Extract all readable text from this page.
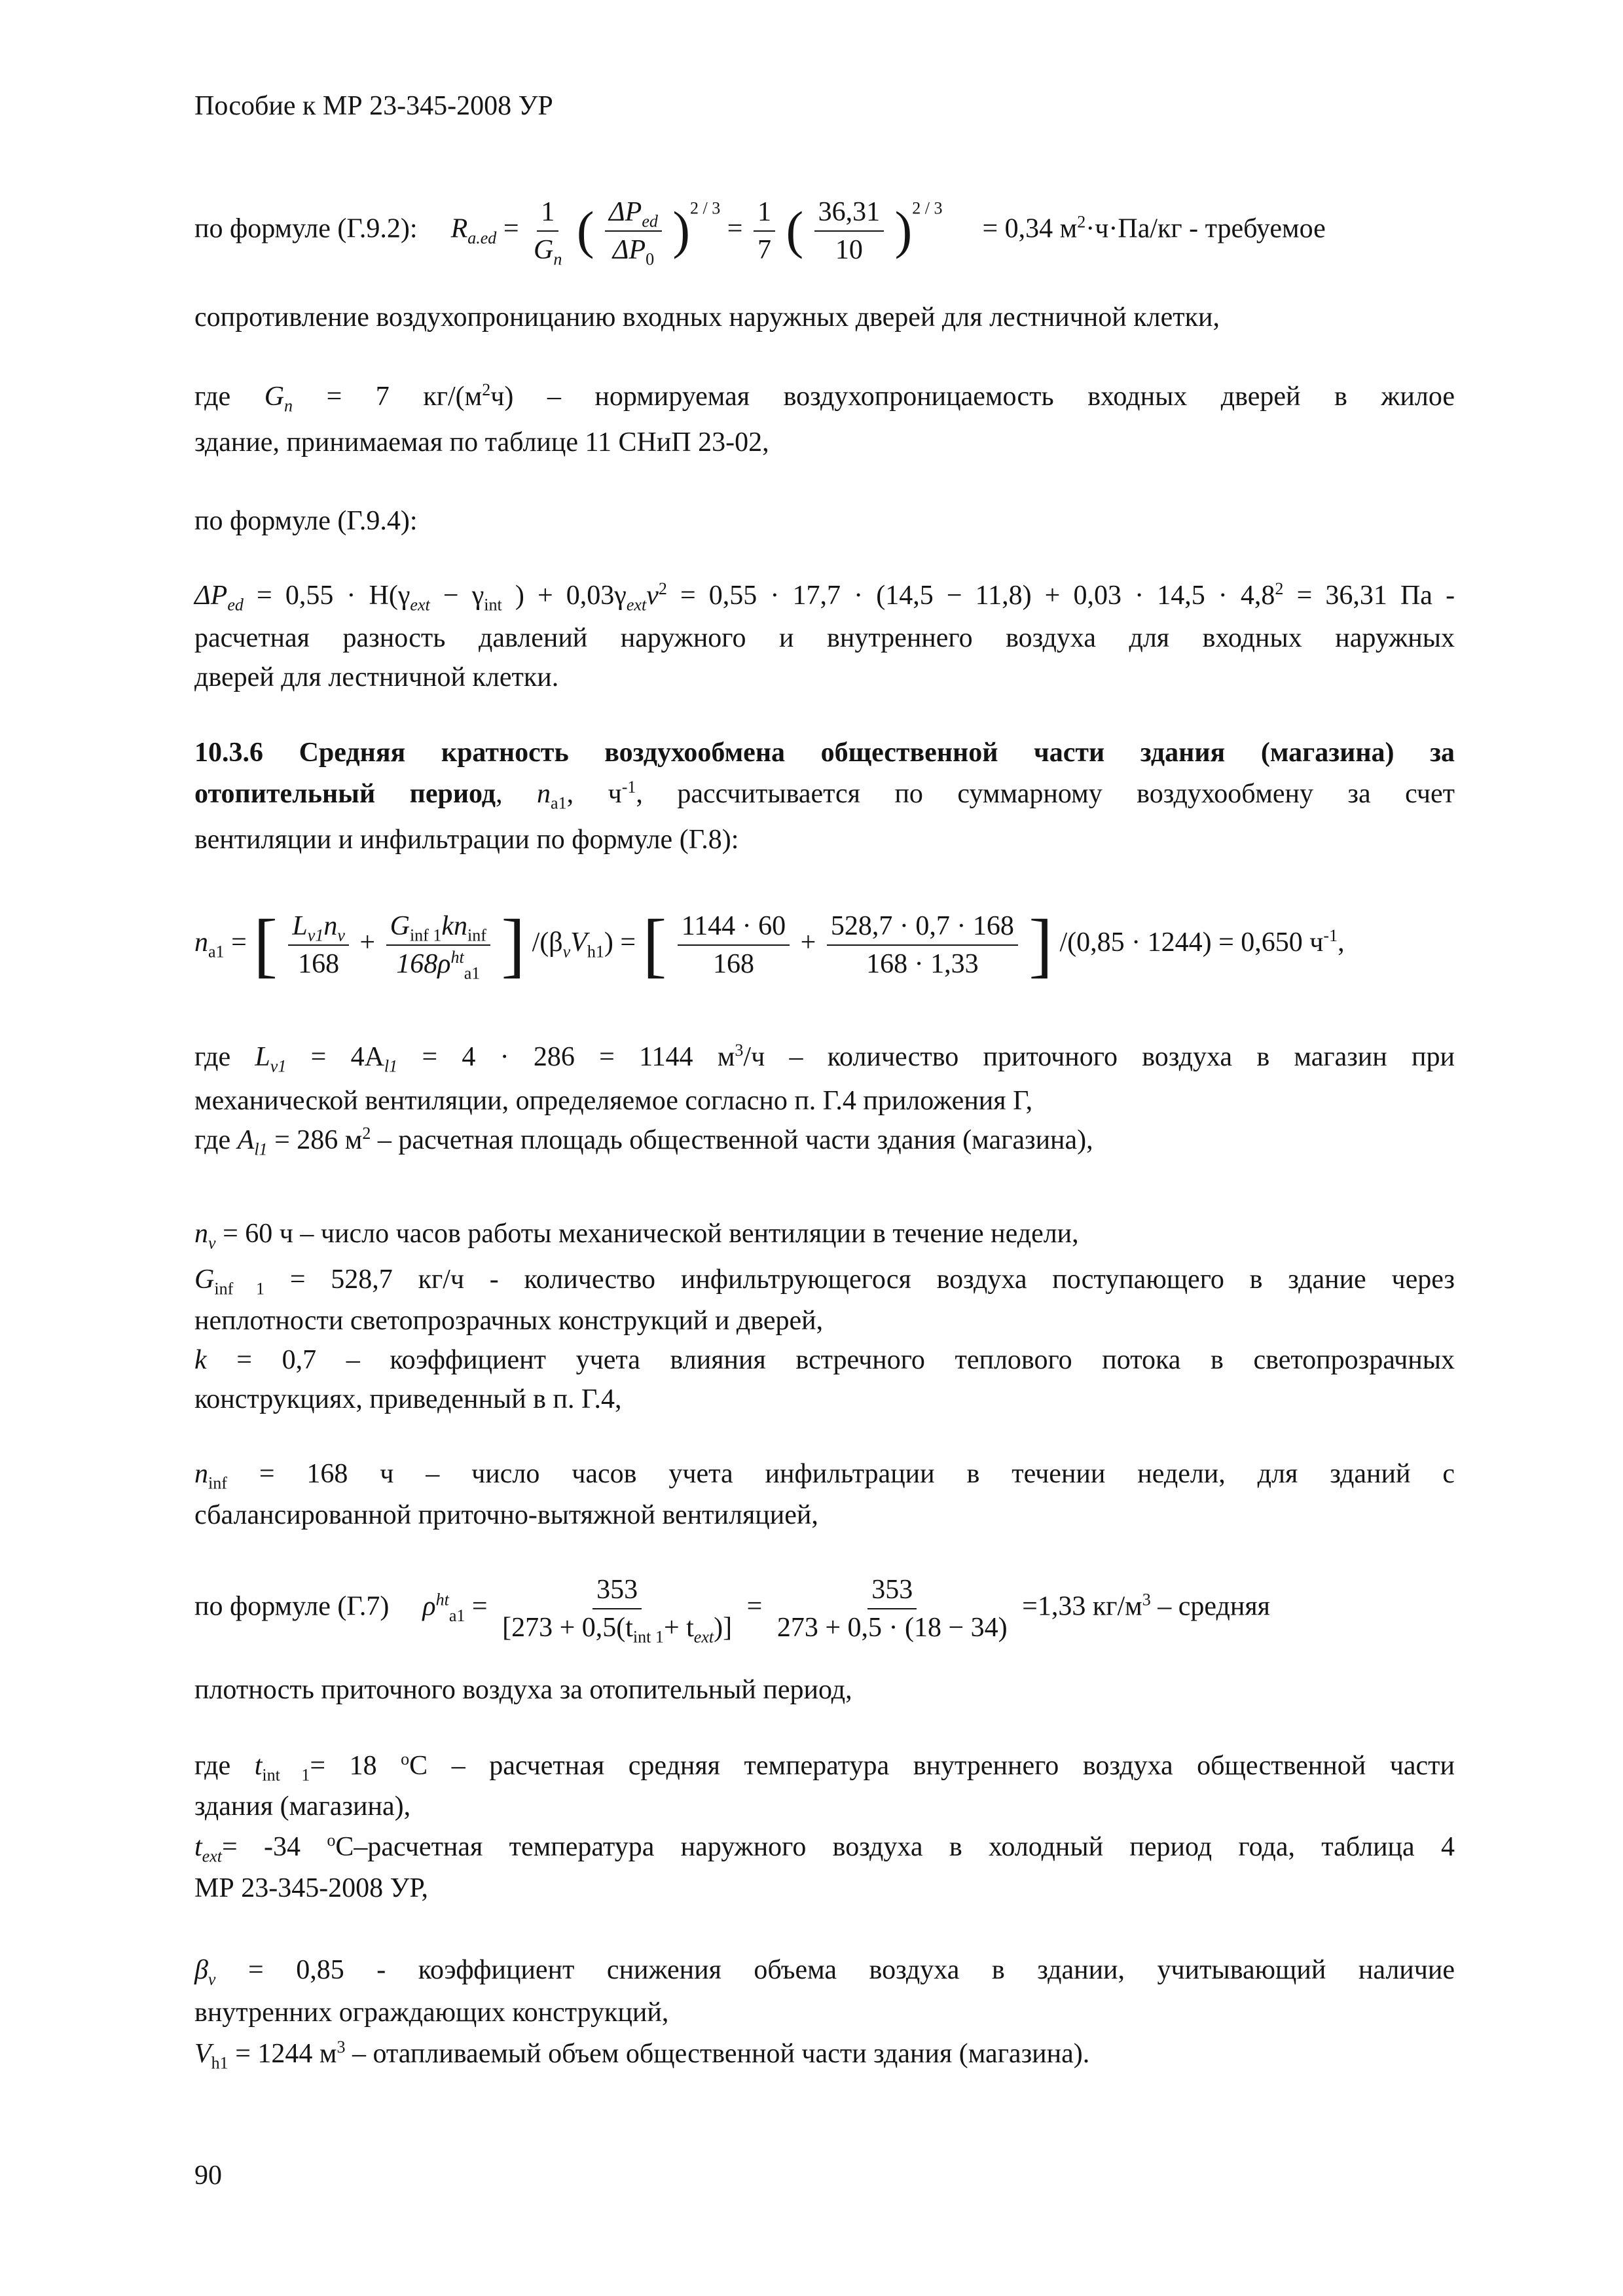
Пособие к МР 23-345-2008 УР
по формуле (Г.9.2): $R_{a.ed} = \frac{1}{G_n}$ ( $\frac{\Delta P_{ed}}{\Delta P_0} )^{2 / 3} = \frac{1}{7}$ ( $\frac{36,31}{10} )^{2 / 3} = 0,34$ $м^2\cdot ч\cdot Па/кг$ - требуемое
сопротивление воздухопроницанию входных наружных дверей для лестничной клетки,
где $G_n = 7$ $кг/(м^2ч)$ – нормируемая воздухопроницаемость входных дверей в жилое
здание, принимаемая по таблице 11 СНиП 23-02,
по формуле (Г.9.4):
$\Delta P_{ed} = 0,55 \cdot H(\gamma_{ext} - \gamma_{int}$ ) + $0,03\gamma_{ext}v^2 = 0,55 \cdot 17,7 \cdot (14,5 - 11,8) + 0,03 \cdot 14,5 \cdot 4,8^2 = 36,31$ Па -
расчетная разность давлений наружного и внутреннего воздуха для входных наружных
дверей для лестничной клетки.
10.3.6 Средняя кратность воздухообмена общественной части здания (магазина) за
отопительный период, $n_{a1}$, $ч^{-1}$, рассчитывается по суммарному воздухообмену за счет
вентиляции и инфильтрации по формуле (Г.8):
$n_{a1}$ = [ $\frac{L_{v1}n_v}{168} + \frac{G_{inf 1}kn_{inf}}{168\rho^{ht}_{a1}}$ ] $/(\beta_vV_{h1})$ = [ $\frac{1144 \cdot 60}{168} + \frac{528,7 \cdot 0,7 \cdot 168}{168 \cdot 1,33}$ ] /(0,85 · 1244) = 0,650 $ч^{-1}$,
где $L_{v1} = 4A_{l1} = 4 \cdot 286 = 1144$ $м^3/ч$ – количество приточного воздуха в магазин при
механической вентиляции, определяемое согласно п. Г.4 приложения Г,
где $A_{l1} = 286$ $м^2$ – расчетная площадь общественной части здания (магазина),
$n_v = 60$ ч – число часов работы механической вентиляции в течение недели,
$G_{inf 1} = 528,7$ кг/ч - количество инфильтрующегося воздуха поступающего в здание через
неплотности светопрозрачных конструкций и дверей,
k = 0,7 – коэффициент учета влияния встречного теплового потока в светопрозрачных
конструкциях, приведенный в п. Г.4,
$n_{inf} = 168$ ч – число часов учета инфильтрации в течении недели, для зданий с
сбалансированной приточно-вытяжной вентиляцией,
по формуле (Г.7) $\rho^{ht}_{a1} = \frac{353}{[273 + 0,5(t_{int 1}+ t_{ext})]} = \frac{353}{273 + 0,5 \cdot (18 - 34)} =1,33$ $кг/м^3$ – средняя
плотность приточного воздуха за отопительный период,
где $t_{int 1}= 18$ $^o$С – расчетная средняя температура внутреннего воздуха общественной части
здания (магазина),
$t_{ext}= -34$ $^o$С–расчетная температура наружного воздуха в холодный период года, таблица 4
МР 23-345-2008 УР,
$\beta_v = 0,85$ - коэффициент снижения объема воздуха в здании, учитывающий наличие
внутренних ограждающих конструкций,
$V_{h1} = 1244$ $м^3$ – отапливаемый объем общественной части здания (магазина).
90
